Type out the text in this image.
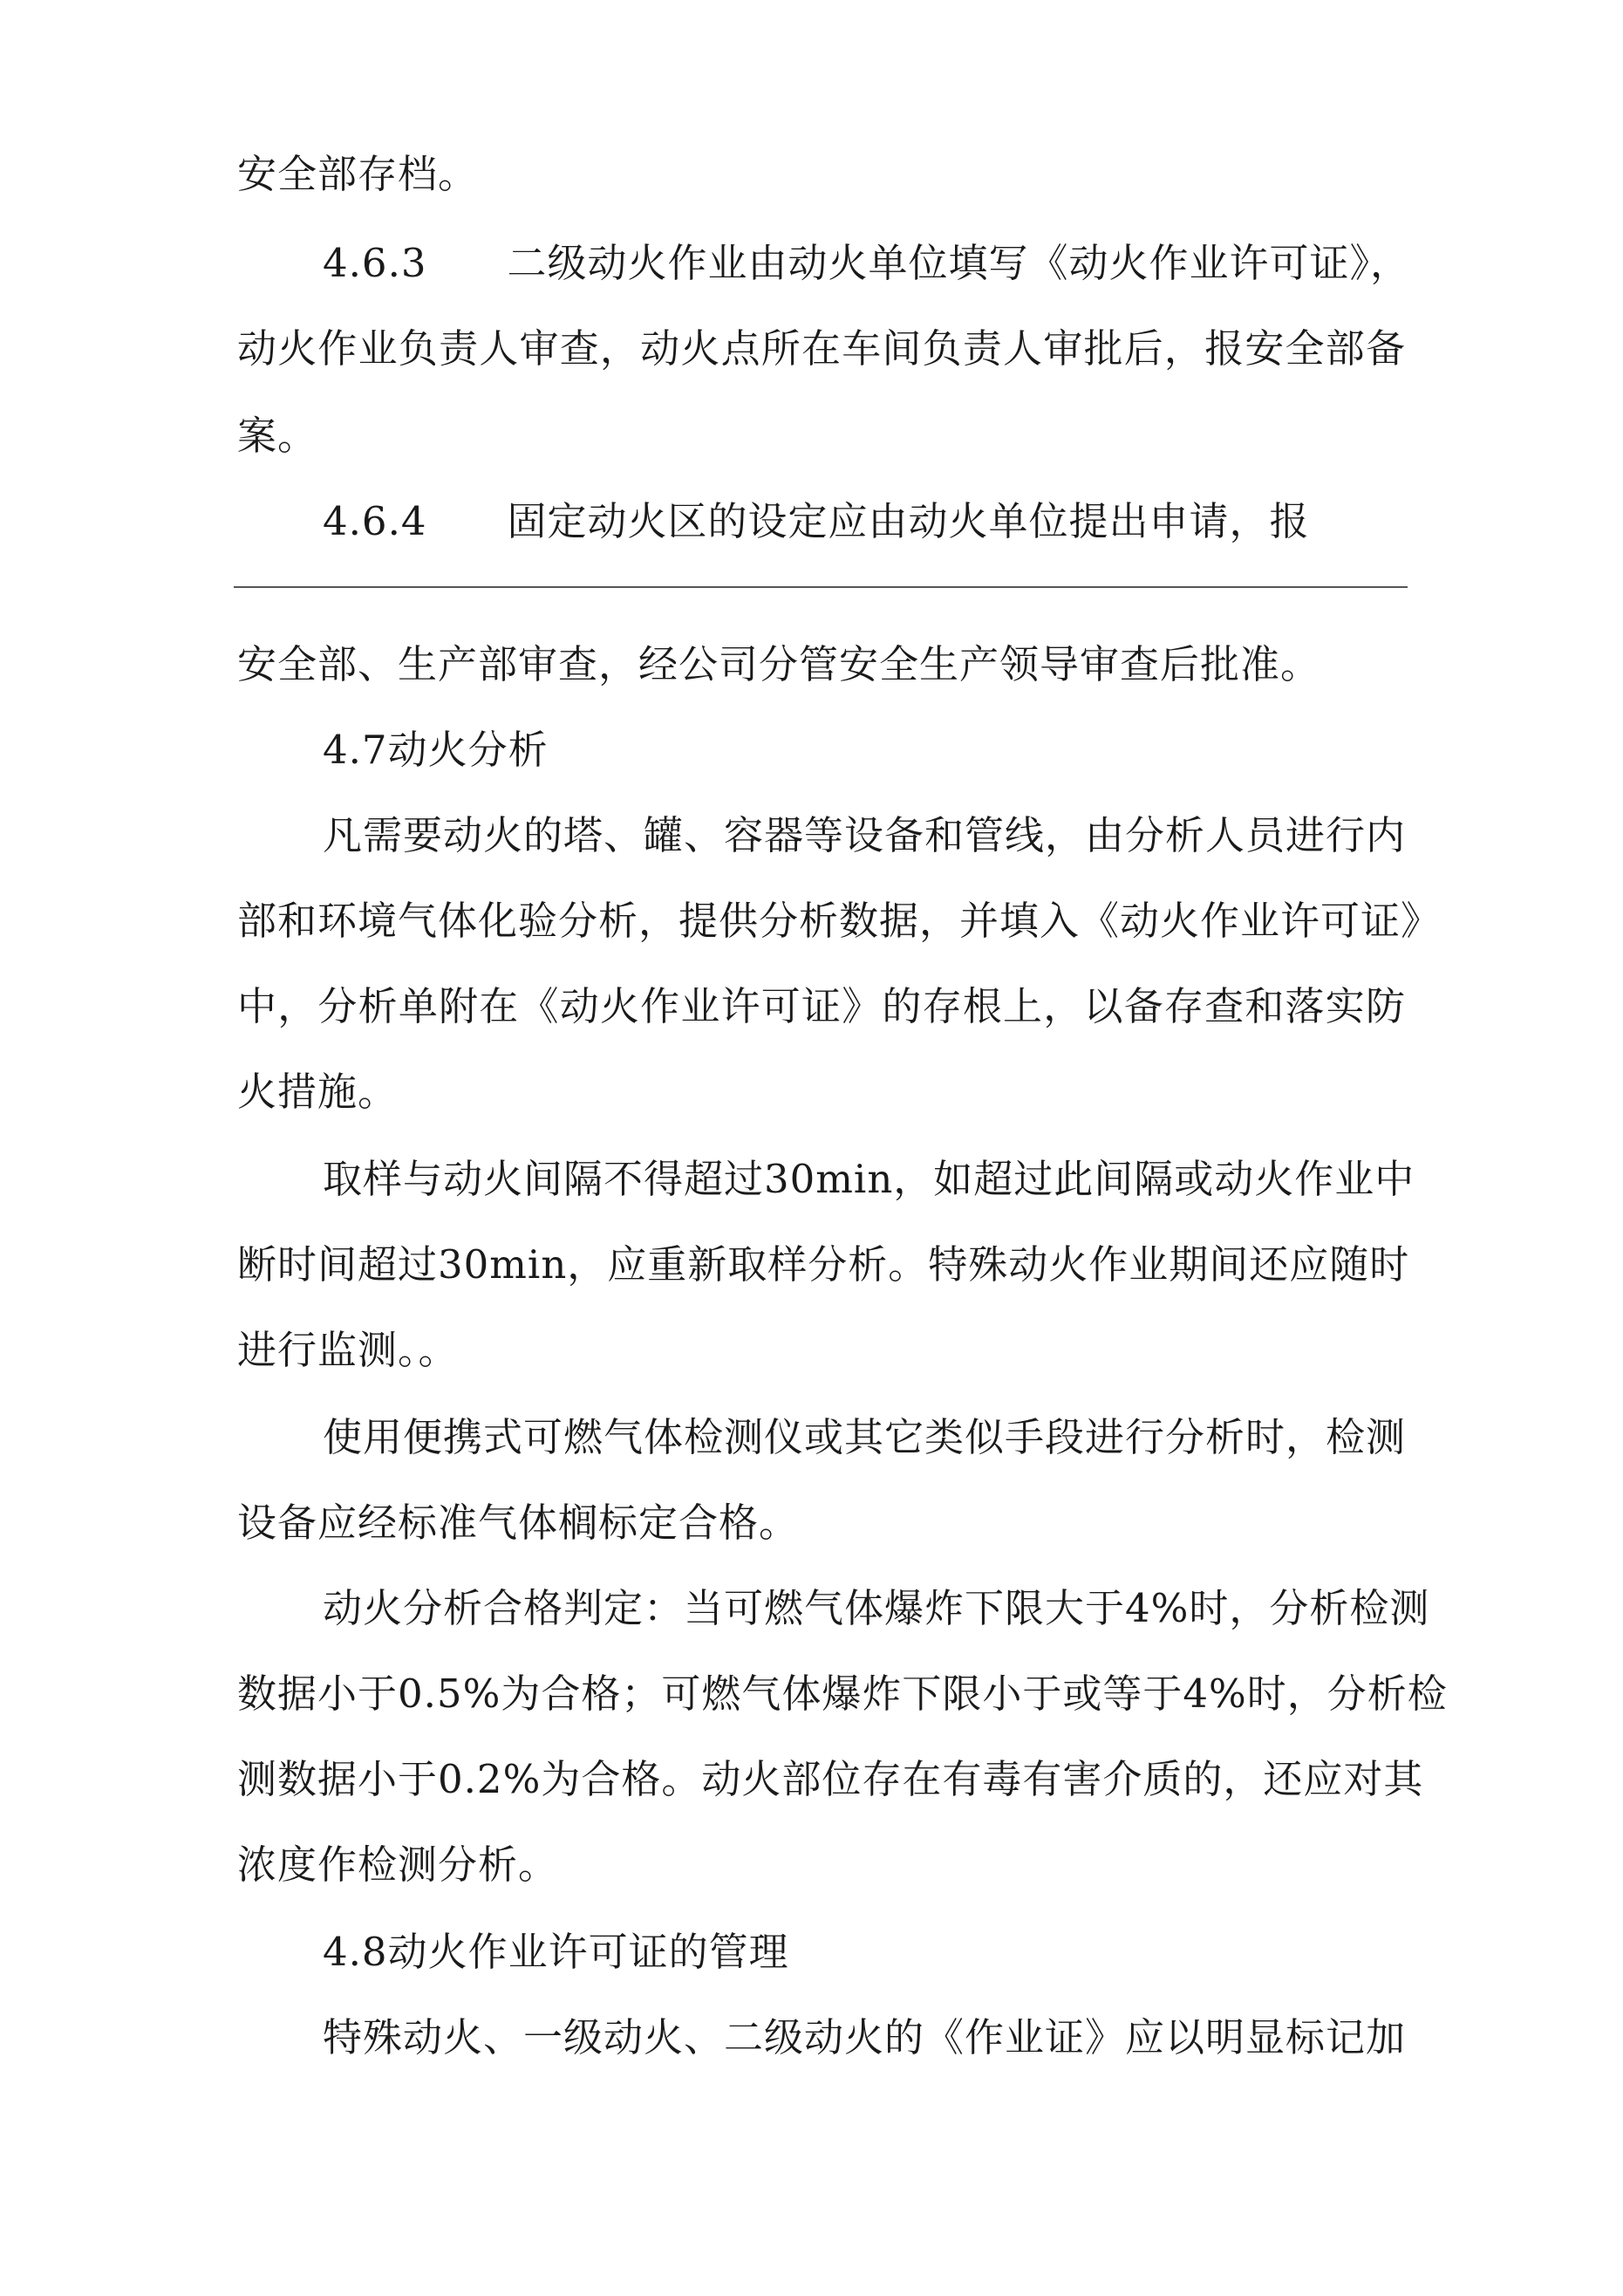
安全部存档。
4.6.3　　二级动火作业由动火单位填写《动火作业许可证》，
动火作业负责人审查，动火点所在车间负责人审批后，报安全部备
案。
4.6.4　　固定动火区的设定应由动火单位提出申请，报
安全部、生产部审查，经公司分管安全生产领导审查后批准。
4.7动火分析
凡需要动火的塔、罐、容器等设备和管线，由分析人员进行内
部和环境气体化验分析，提供分析数据，并填入《动火作业许可证》
中，分析单附在《动火作业许可证》的存根上，以备存查和落实防
火措施。
取样与动火间隔不得超过30min，如超过此间隔或动火作业中
断时间超过30min，应重新取样分析。特殊动火作业期间还应随时
进行监测。。
使用便携式可燃气体检测仪或其它类似手段进行分析时，检测
设备应经标准气体榈标定合格。
动火分析合格判定：当可燃气体爆炸下限大于4%时，分析检测
数据小于0.5%为合格；可燃气体爆炸下限小于或等于4%时，分析检
测数据小于0.2%为合格。动火部位存在有毒有害介质的，还应对其
浓度作检测分析。
4.8动火作业许可证的管理
特殊动火、一级动火、二级动火的《作业证》应以明显标记加
